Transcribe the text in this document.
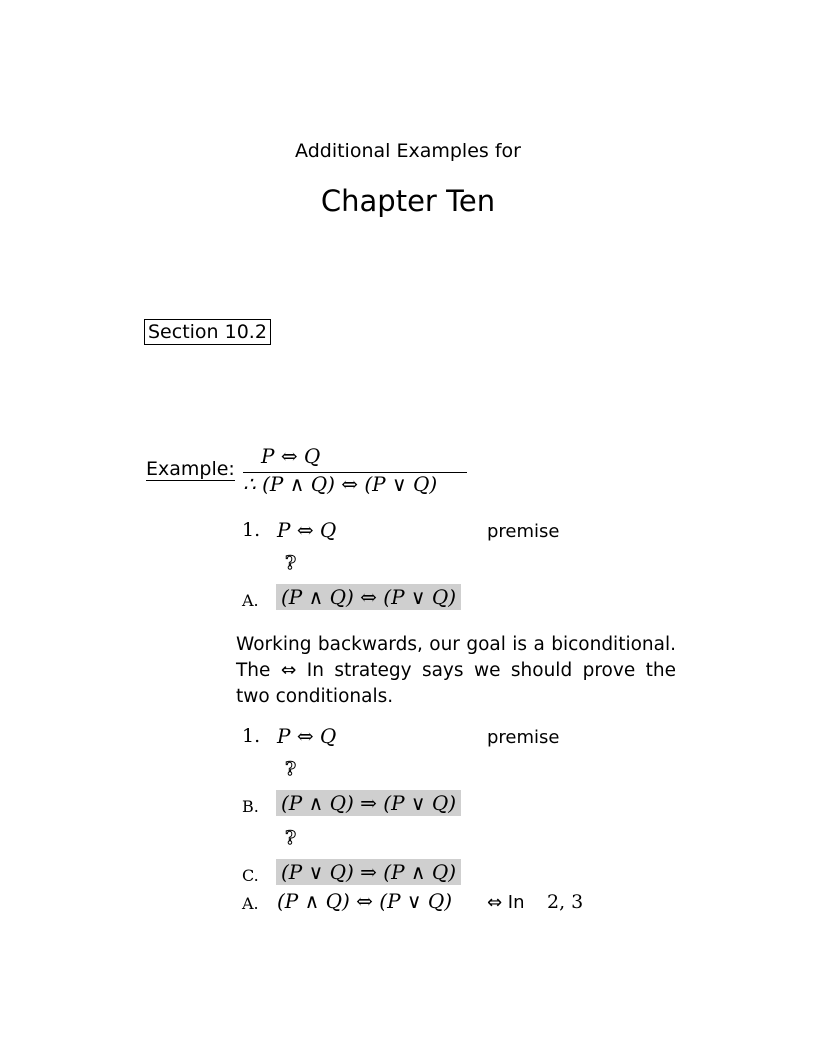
Additional Examples for
Chapter Ten
Section 10.2
Example:
P ⇔ Q
∴ (P ∧ Q) ⇔ (P ∨ Q)
1. P ⇔ Q	premise
?
A. (P ∧ Q) ⇔ (P ∨ Q)
Working backwards, our goal is a biconditional. The ⇔ In strategy says we should prove the two conditionals.
1. P ⇔ Q	premise
?
B. (P ∧ Q) ⇒ (P ∨ Q)
?
C. (P ∨ Q) ⇒ (P ∧ Q)
A. (P ∧ Q) ⇔ (P ∨ Q) ⇔ In 2, 3
